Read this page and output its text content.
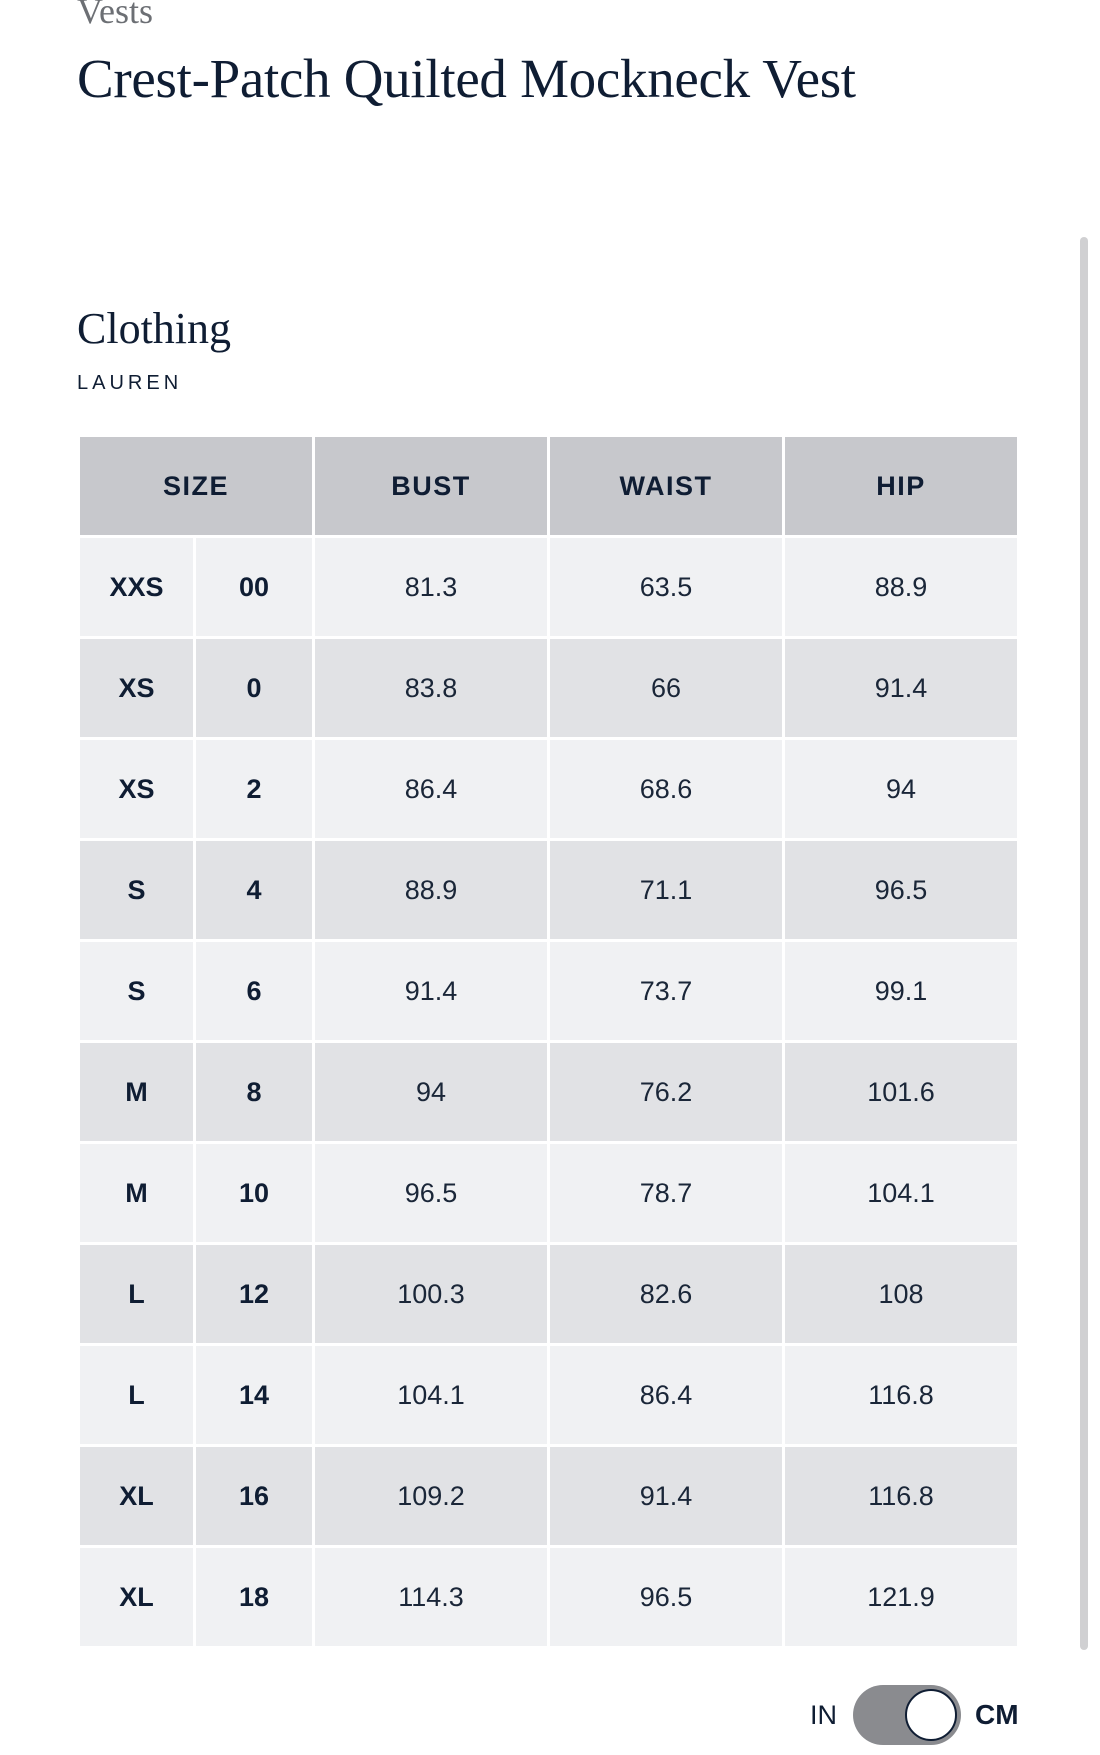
Vests

Crest-Patch Quilted Mockneck Vest
Clothing

LAUREN

SIZE		BUST	WAIST	HIP
XXS	00	81.3	63.5	88.9
XS	0	83.8	66	91.4
XS	2	86.4	68.6	94
S	4	88.9	71.1	96.5
S	6	91.4	73.7	99.1
M	8	94	76.2	101.6
M	10	96.5	78.7	104.1
L	12	100.3	82.6	108
L	14	104.1	86.4	116.8
XL	16	109.2	91.4	116.8
XL	18	114.3	96.5	121.9
IN	CM
